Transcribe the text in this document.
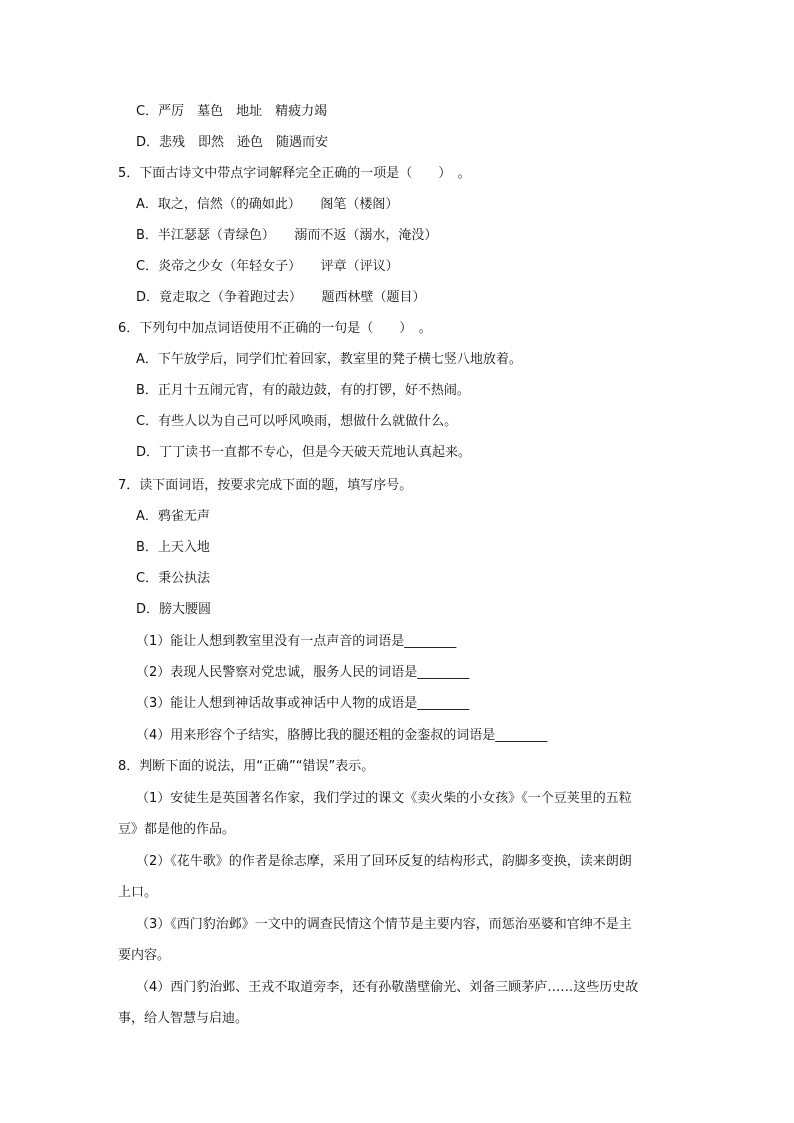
C．严厉　墓色　地址　精疲力竭
D．悲残　即然　逊色　随遇而安
5．下面古诗文中带点字词解释完全正确的一项是（　　）　。
A．取之，信然（的确如此）　　阁笔（楼阁）
B．半江瑟瑟（青绿色）　　溺而不返（溺水，淹没）
C．炎帝之少女（年轻女子）　　评章（评议）
D．竟走取之（争着跑过去）　　题西林壁（题目）
6．下列句中加点词语使用不正确的一句是（　　）　。
A．下午放学后，同学们忙着回家，教室里的凳子横七竖八地放着。
B．正月十五闹元宵，有的敲边鼓，有的打锣，好不热闹。
C．有些人以为自己可以呼风唤雨，想做什么就做什么。
D．丁丁读书一直都不专心，但是今天破天荒地认真起来。
7．读下面词语，按要求完成下面的题，填写序号。
A．鸦雀无声
B．上天入地
C．秉公执法
D．膀大腰圆
（1）能让人想到教室里没有一点声音的词语是________
（2）表现人民警察对党忠诚，服务人民的词语是________
（3）能让人想到神话故事或神话中人物的成语是________
（4）用来形容个子结实，胳膊比我的腿还粗的金銮叔的词语是________
8．判断下面的说法，用“正确”“错误”表示。
（1）安徒生是英国著名作家，我们学过的课文《卖火柴的小女孩》《一个豆荚里的五粒
豆》都是他的作品。
（2）《花牛歌》的作者是徐志摩，采用了回环反复的结构形式，韵脚多变换，读来朗朗
上口。
（3）《西门豹治邺》一文中的调查民情这个情节是主要内容，而惩治巫婆和官绅不是主
要内容。
（4）西门豹治邺、王戎不取道旁李，还有孙敬凿壁偷光、刘备三顾茅庐……这些历史故
事，给人智慧与启迪。
